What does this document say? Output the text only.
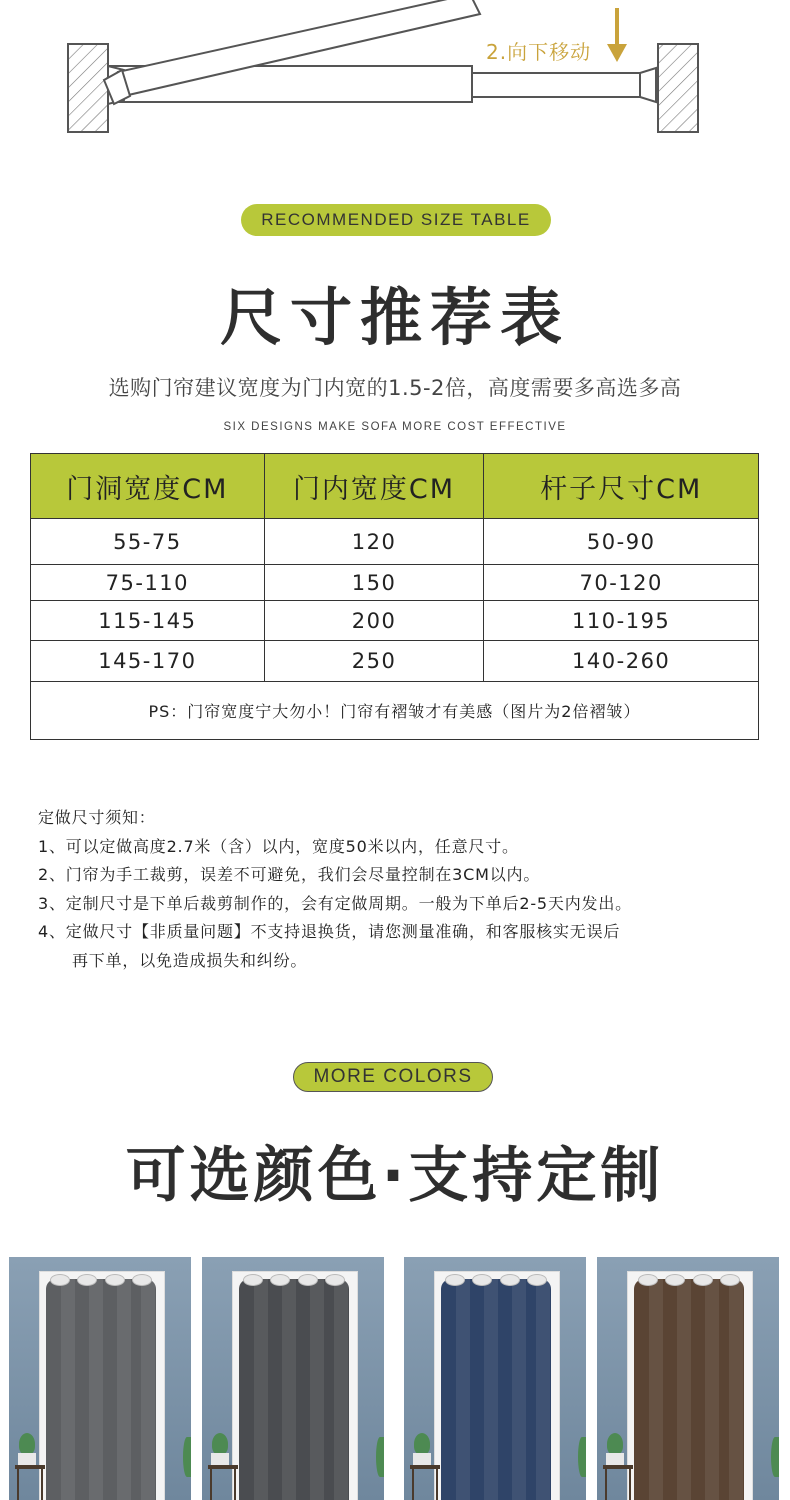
2.向下移动
RECOMMENDED SIZE TABLE
尺寸推荐表
选购门帘建议宽度为门内宽的1.5-2倍，高度需要多高选多高
SIX DESIGNS MAKE SOFA MORE COST EFFECTIVE
门洞宽度CM	门内宽度CM	杆子尺寸CM
55-75	120	50-90
75-110	150	70-120
115-145	200	110-195
145-170	250	140-260
PS：门帘宽度宁大勿小！门帘有褶皱才有美感（图片为2倍褶皱）		
定做尺寸须知：
1、可以定做高度2.7米（含）以内，宽度50米以内，任意尺寸。
2、门帘为手工裁剪，误差不可避免，我们会尽量控制在3CM以内。
3、定制尺寸是下单后裁剪制作的，会有定做周期。一般为下单后2-5天内发出。
4、定做尺寸【非质量问题】不支持退换货，请您测量准确，和客服核实无误后
再下单，以免造成损失和纠纷。
MORE COLORS
可选颜色·支持定制
